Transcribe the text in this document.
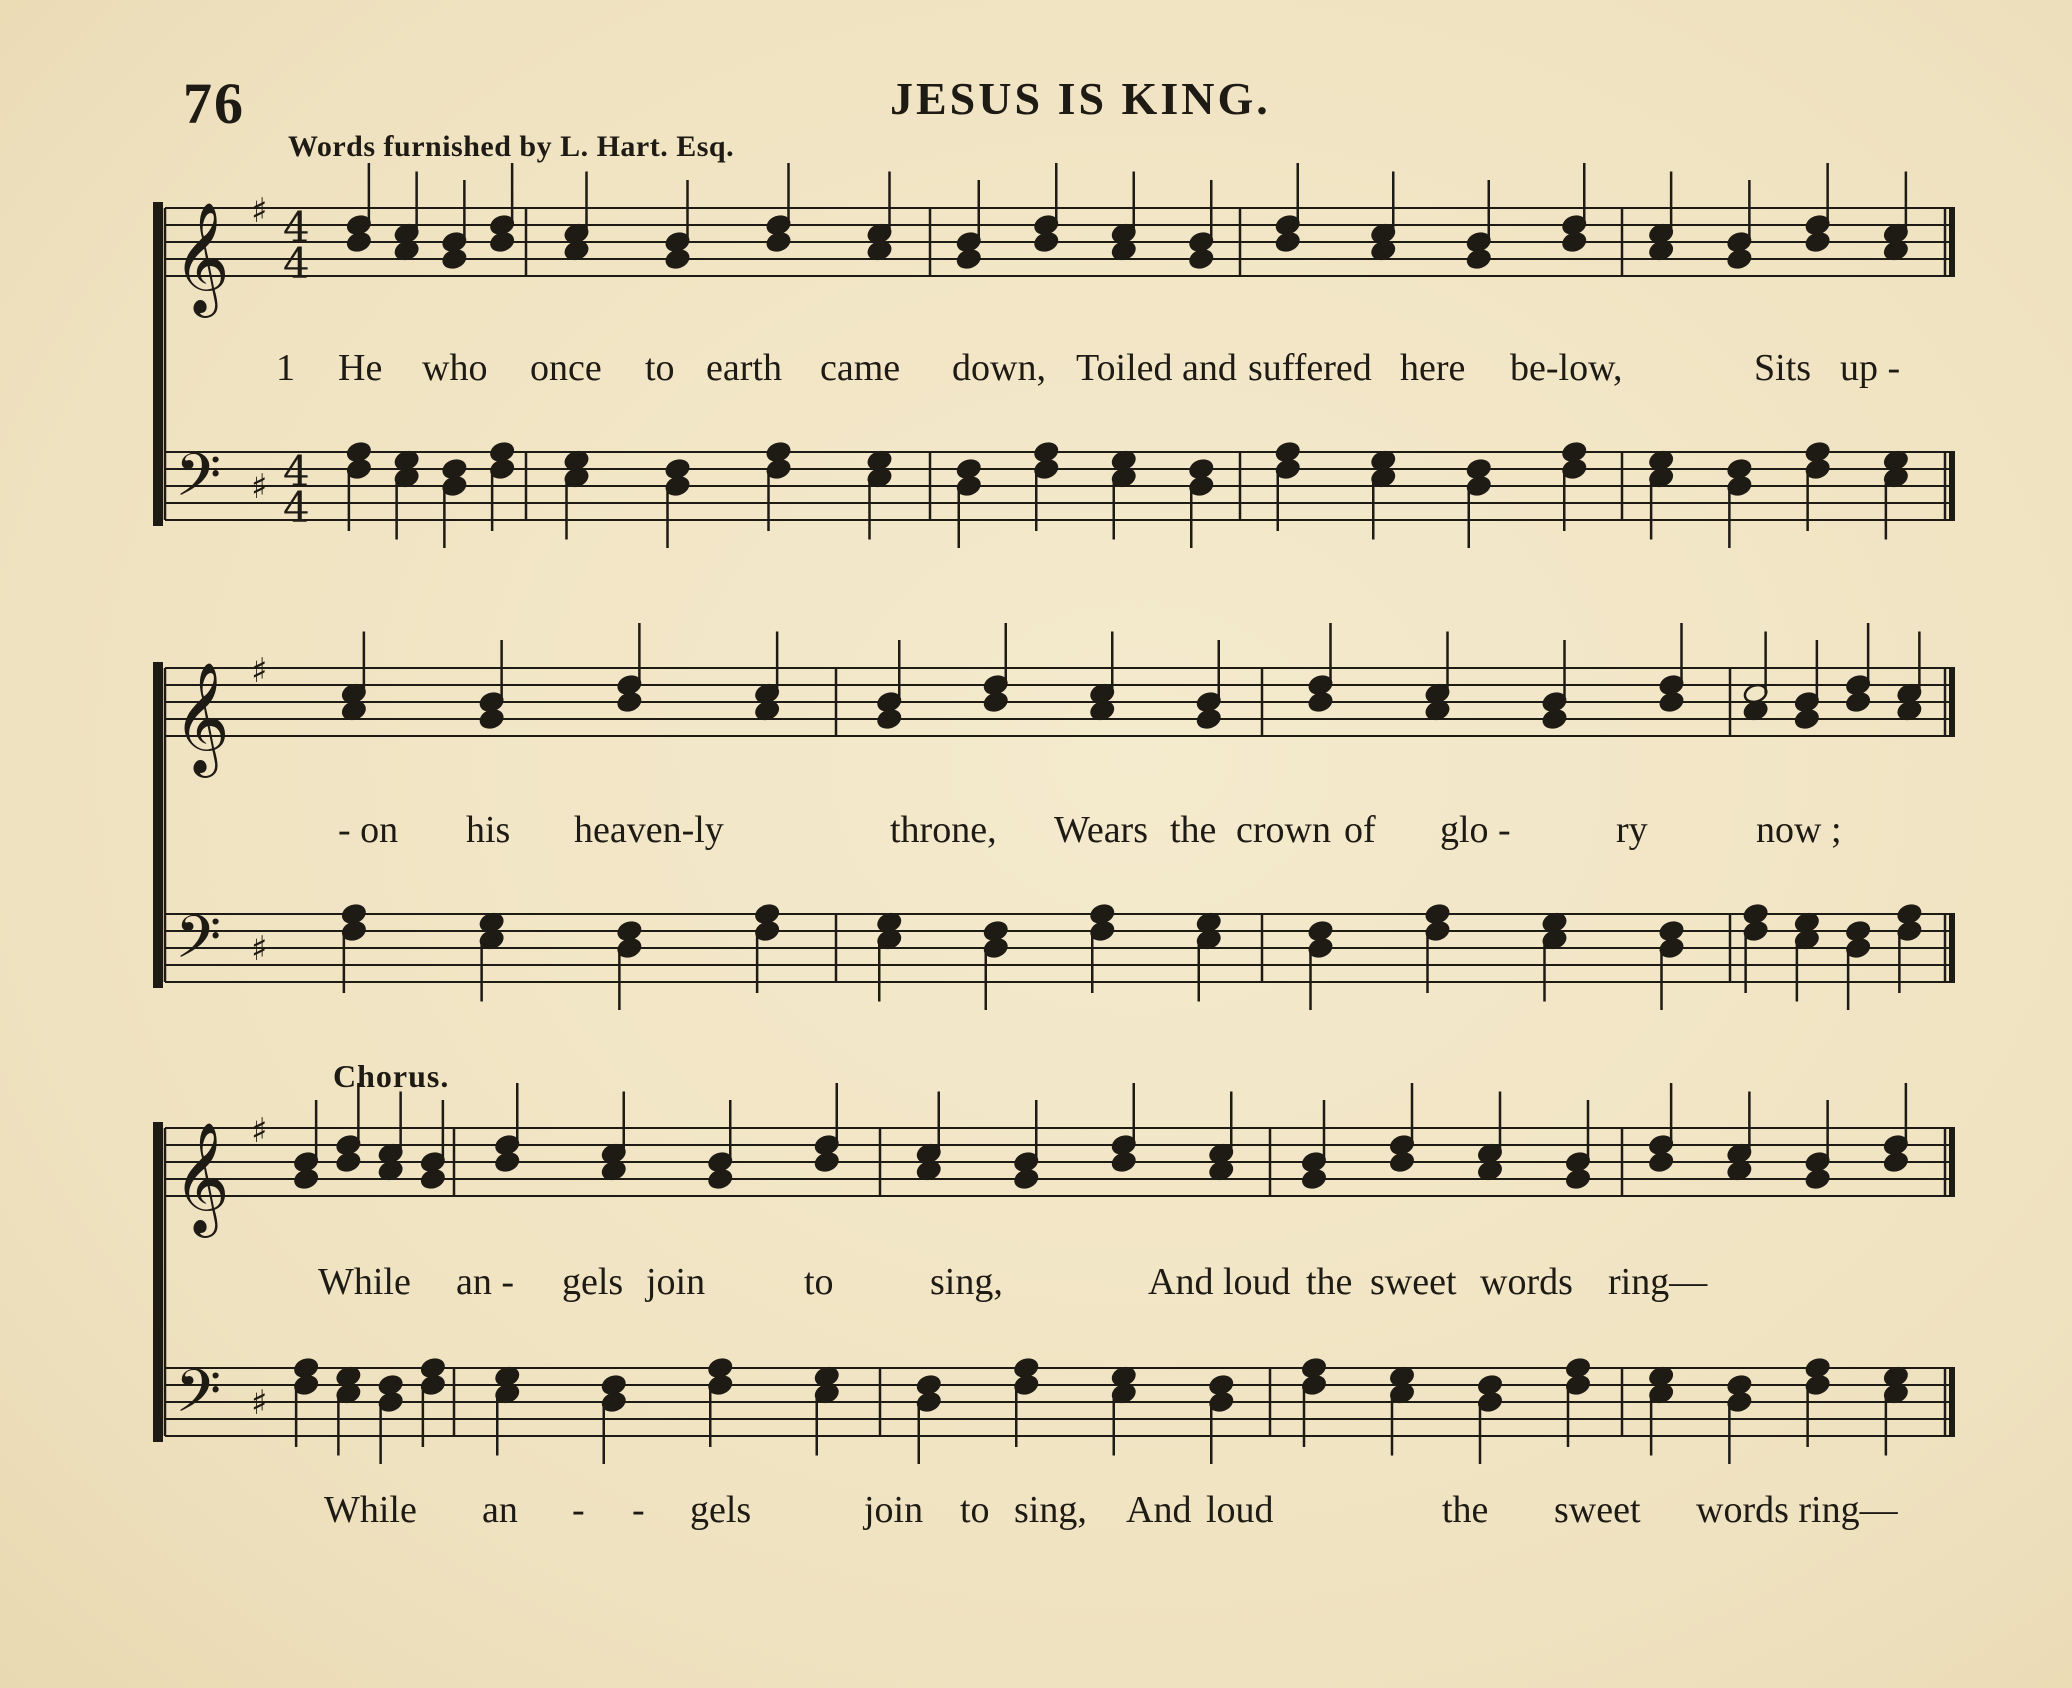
76	JESUS IS KING.
Words furnished by L. Hart. Esq.
Chorus.
𝄞
𝄢
♯
♯
4
4
4
4
𝄞
𝄢
♯
♯
𝄞
𝄢
♯
♯
1 He who once to earth came down, Toiled and suffered here be-low,	Sits up -
- on his heaven-ly	throne, Wears the crown of glo -	ry	now ;
While an - gels join	to	sing,	And loud the sweet words ring—
While an - - gels	join to sing, And loud	the sweet words ring—
